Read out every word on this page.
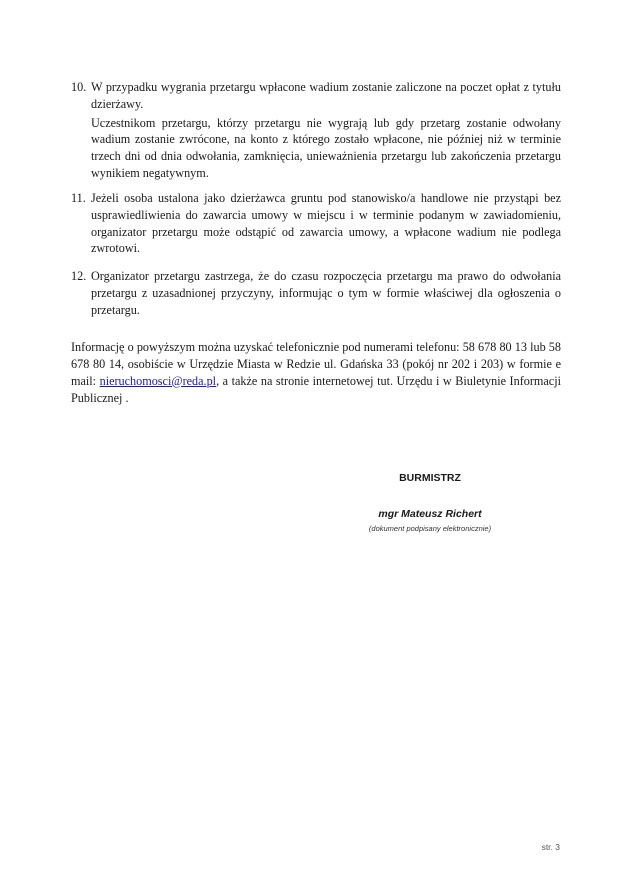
10. W przypadku wygrania przetargu wpłacone wadium zostanie zaliczone na poczet opłat z tytułu dzierżawy.

Uczestnikom przetargu, którzy przetargu nie wygrają lub gdy przetarg zostanie odwołany wadium zostanie zwrócone, na konto z którego zostało wpłacone, nie później niż w terminie trzech dni od dnia odwołania, zamknięcia, unieważnienia przetargu lub zakończenia przetargu wynikiem negatywnym.

11. Jeżeli osoba ustalona jako dzierżawca gruntu pod stanowisko/a handlowe nie przystąpi bez usprawiedliwienia do zawarcia umowy w miejscu i w terminie podanym w zawiadomieniu, organizator przetargu może odstąpić od zawarcia umowy, a wpłacone wadium nie podlega zwrotowi.

12. Organizator przetargu zastrzega, że do czasu rozpoczęcia przetargu ma prawo do odwołania przetargu z uzasadnionej przyczyny, informując o tym w formie właściwej dla ogłoszenia o przetargu.

Informację o powyższym można uzyskać telefonicznie pod numerami telefonu: 58 678 80 13 lub 58 678 80 14, osobiście w Urzędzie Miasta w Redzie ul. Gdańska 33 (pokój nr 202 i 203) w formie e mail: nieruchomosci@reda.pl, a także na stronie internetowej tut. Urzędu i w Biuletynie Informacji Publicznej .

BURMISTRZ
mgr Mateusz Richert
(dokument podpisany elektronicznie)
str. 3
